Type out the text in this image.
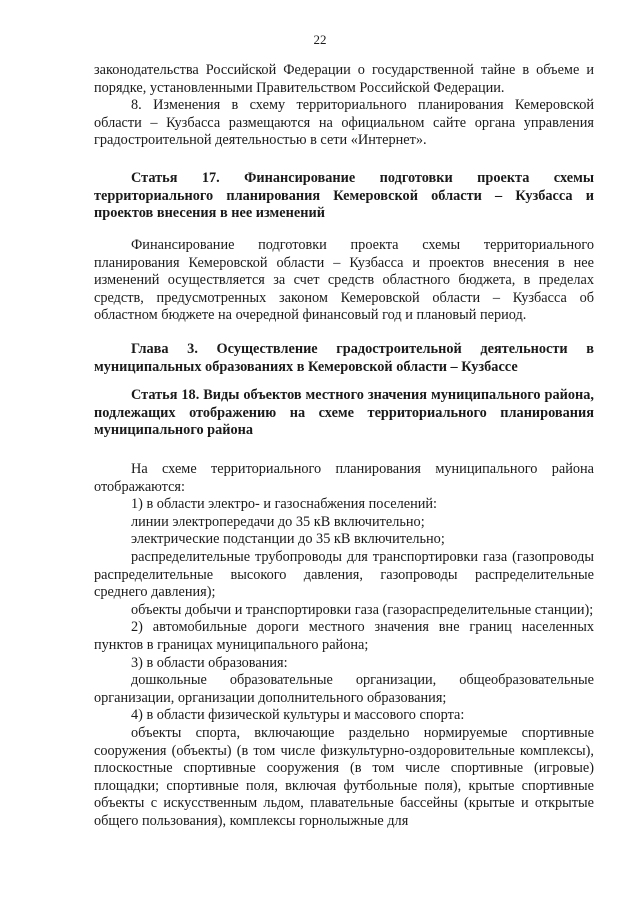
22

законодательства Российской Федерации о государственной тайне в объеме и порядке, установленными Правительством Российской Федерации.

8. Изменения в схему территориального планирования Кемеровской области – Кузбасса размещаются на официальном сайте органа управления градостроительной деятельностью в сети «Интернет».

Статья 17. Финансирование подготовки проекта схемы территориального планирования Кемеровской области – Кузбасса и проектов внесения в нее изменений

Финансирование подготовки проекта схемы территориального планирования Кемеровской области – Кузбасса и проектов внесения в нее изменений осуществляется за счет средств областного бюджета, в пределах средств, предусмотренных законом Кемеровской области – Кузбасса об областном бюджете на очередной финансовый год и плановый период.

Глава 3. Осуществление градостроительной деятельности в муниципальных образованиях в Кемеровской области – Кузбассе

Статья 18. Виды объектов местного значения муниципального района, подлежащих отображению на схеме территориального планирования муниципального района

На схеме территориального планирования муниципального района отображаются:

1) в области электро- и газоснабжения поселений:

линии электропередачи до 35 кВ включительно;

электрические подстанции до 35 кВ включительно;

распределительные трубопроводы для транспортировки газа (газопроводы распределительные высокого давления, газопроводы распределительные среднего давления);

объекты добычи и транспортировки газа (газораспределительные станции);

2) автомобильные дороги местного значения вне границ населенных пунктов в границах муниципального района;

3) в области образования:

дошкольные образовательные организации, общеобразовательные организации, организации дополнительного образования;

4) в области физической культуры и массового спорта:

объекты спорта, включающие раздельно нормируемые спортивные сооружения (объекты) (в том числе физкультурно-оздоровительные комплексы), плоскостные спортивные сооружения (в том числе спортивные (игровые) площадки; спортивные поля, включая футбольные поля), крытые спортивные объекты с искусственным льдом, плавательные бассейны (крытые и открытые общего пользования), комплексы горнолыжные для
